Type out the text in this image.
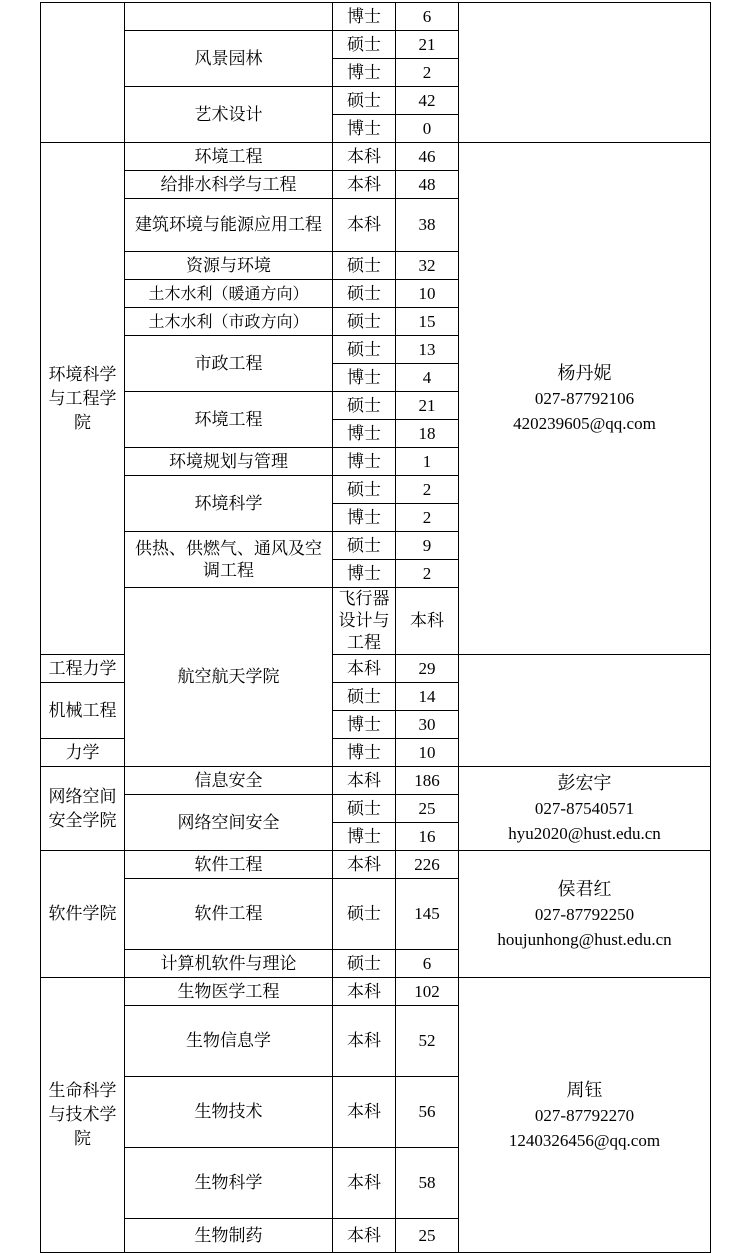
		博士	6		
	风景园林	硕士	21		
		博士	2		
	艺术设计	硕士	42		
		博士	0		
环境科学与工程学院	环境工程	本科	46	杨丹妮
027-87792106
420239605@qq.com	

	给排水科学与工程	本科	48		
	建筑环境与能源应用工程	本科	38		
	资源与环境	硕士	32		
	土木水利（暖通方向）	硕士	10		
	土木水利（市政方向）	硕士	15		
	市政工程	硕士	13		
		博士	4		
	环境工程	硕士	21		
		博士	18		
	环境规划与管理	博士	1		
	环境科学	硕士	2		
		博士	2		
	供热、供燃气、通风及空调工程	硕士	9		
		博士	2		
	航空航天学院	飞行器设计与工程	本科		

工程力学		本科	29		
机械工程		硕士	14		
		博士	30		
力学		博士	10		
网络空间安全学院	信息安全	本科	186	彭宏宇
027-87540571
hyu2020@hust.edu.cn	

	网络空间安全	硕士	25		
		博士	16		
软件学院	软件工程	本科	226	侯君红
027-87792250
houjunhong@hust.edu.cn	

	软件工程	硕士	145		
	计算机软件与理论	硕士	6		
生命科学与技术学院	生物医学工程	本科	102	周钰
027-87792270
1240326456@qq.com	

	生物信息学	本科	52		
	生物技术	本科	56		
	生物科学	本科	58		
	生物制药	本科	25		
